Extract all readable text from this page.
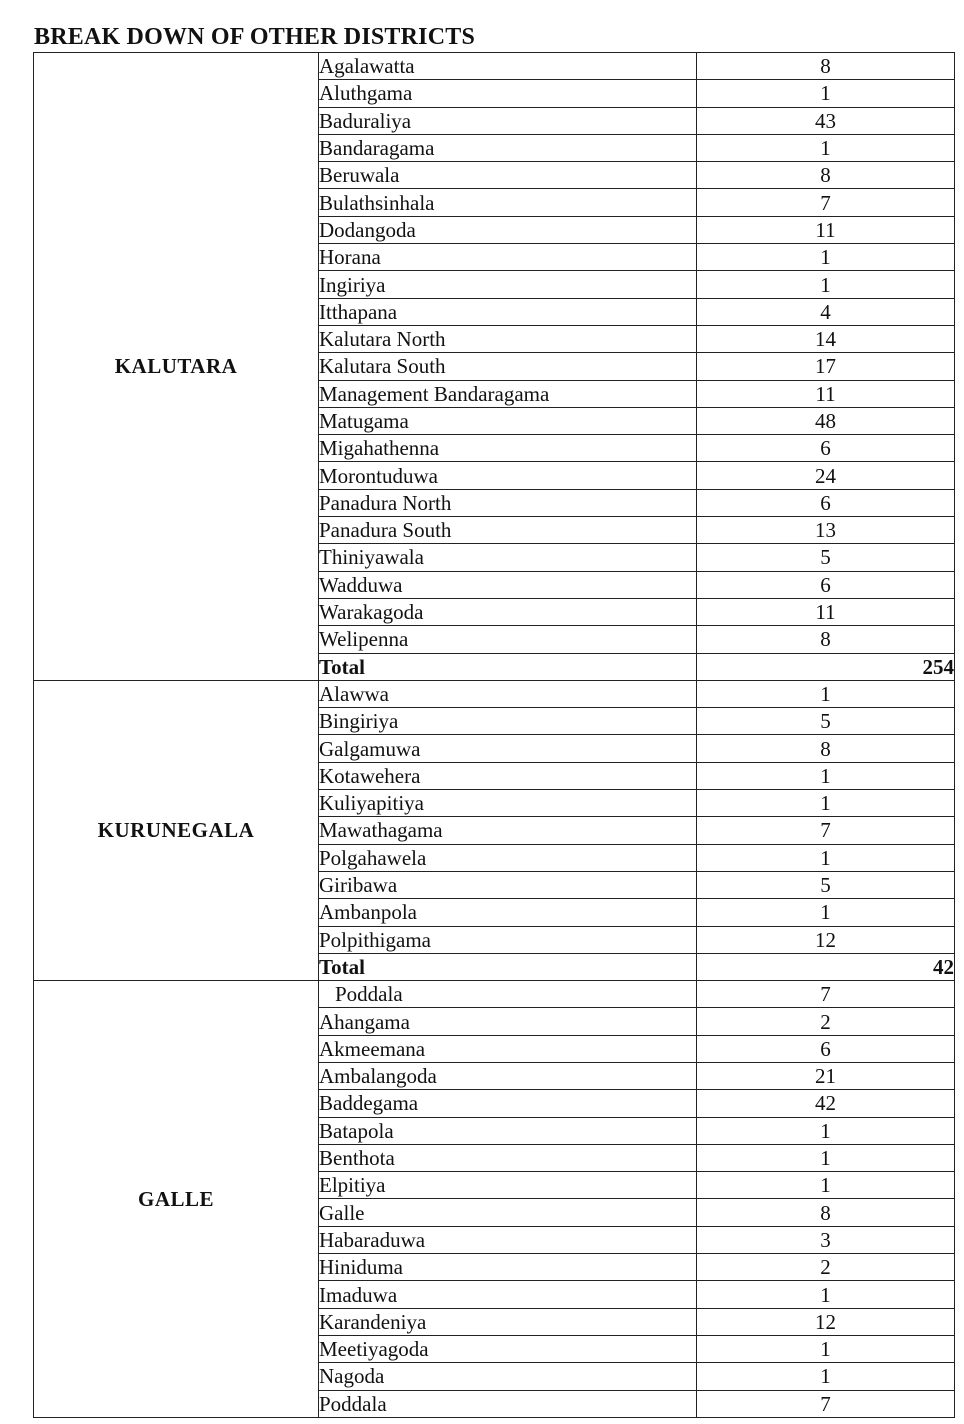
BREAK DOWN OF OTHER DISTRICTS
KALUTARA	Agalawatta	8
	Aluthgama	1
	Baduraliya	43
	Bandaragama	1
	Beruwala	8
	Bulathsinhala	7
	Dodangoda	11
	Horana	1
	Ingiriya	1
	Itthapana	4
	Kalutara North	14
	Kalutara South	17
	Management Bandaragama	11
	Matugama	48
	Migahathenna	6
	Morontuduwa	24
	Panadura North	6
	Panadura South	13
	Thiniyawala	5
	Wadduwa	6
	Warakagoda	11
	Welipenna	8
	Total	254
KURUNEGALA	Alawwa	1
	Bingiriya	5
	Galgamuwa	8
	Kotawehera	1
	Kuliyapitiya	1
	Mawathagama	7
	Polgahawela	1
	Giribawa	5
	Ambanpola	1
	Polpithigama	12
	Total	42
GALLE	Poddala	7
	Ahangama	2
	Akmeemana	6
	Ambalangoda	21
	Baddegama	42
	Batapola	1
	Benthota	1
	Elpitiya	1
	Galle	8
	Habaraduwa	3
	Hiniduma	2
	Imaduwa	1
	Karandeniya	12
	Meetiyagoda	1
	Nagoda	1
	Poddala	7
